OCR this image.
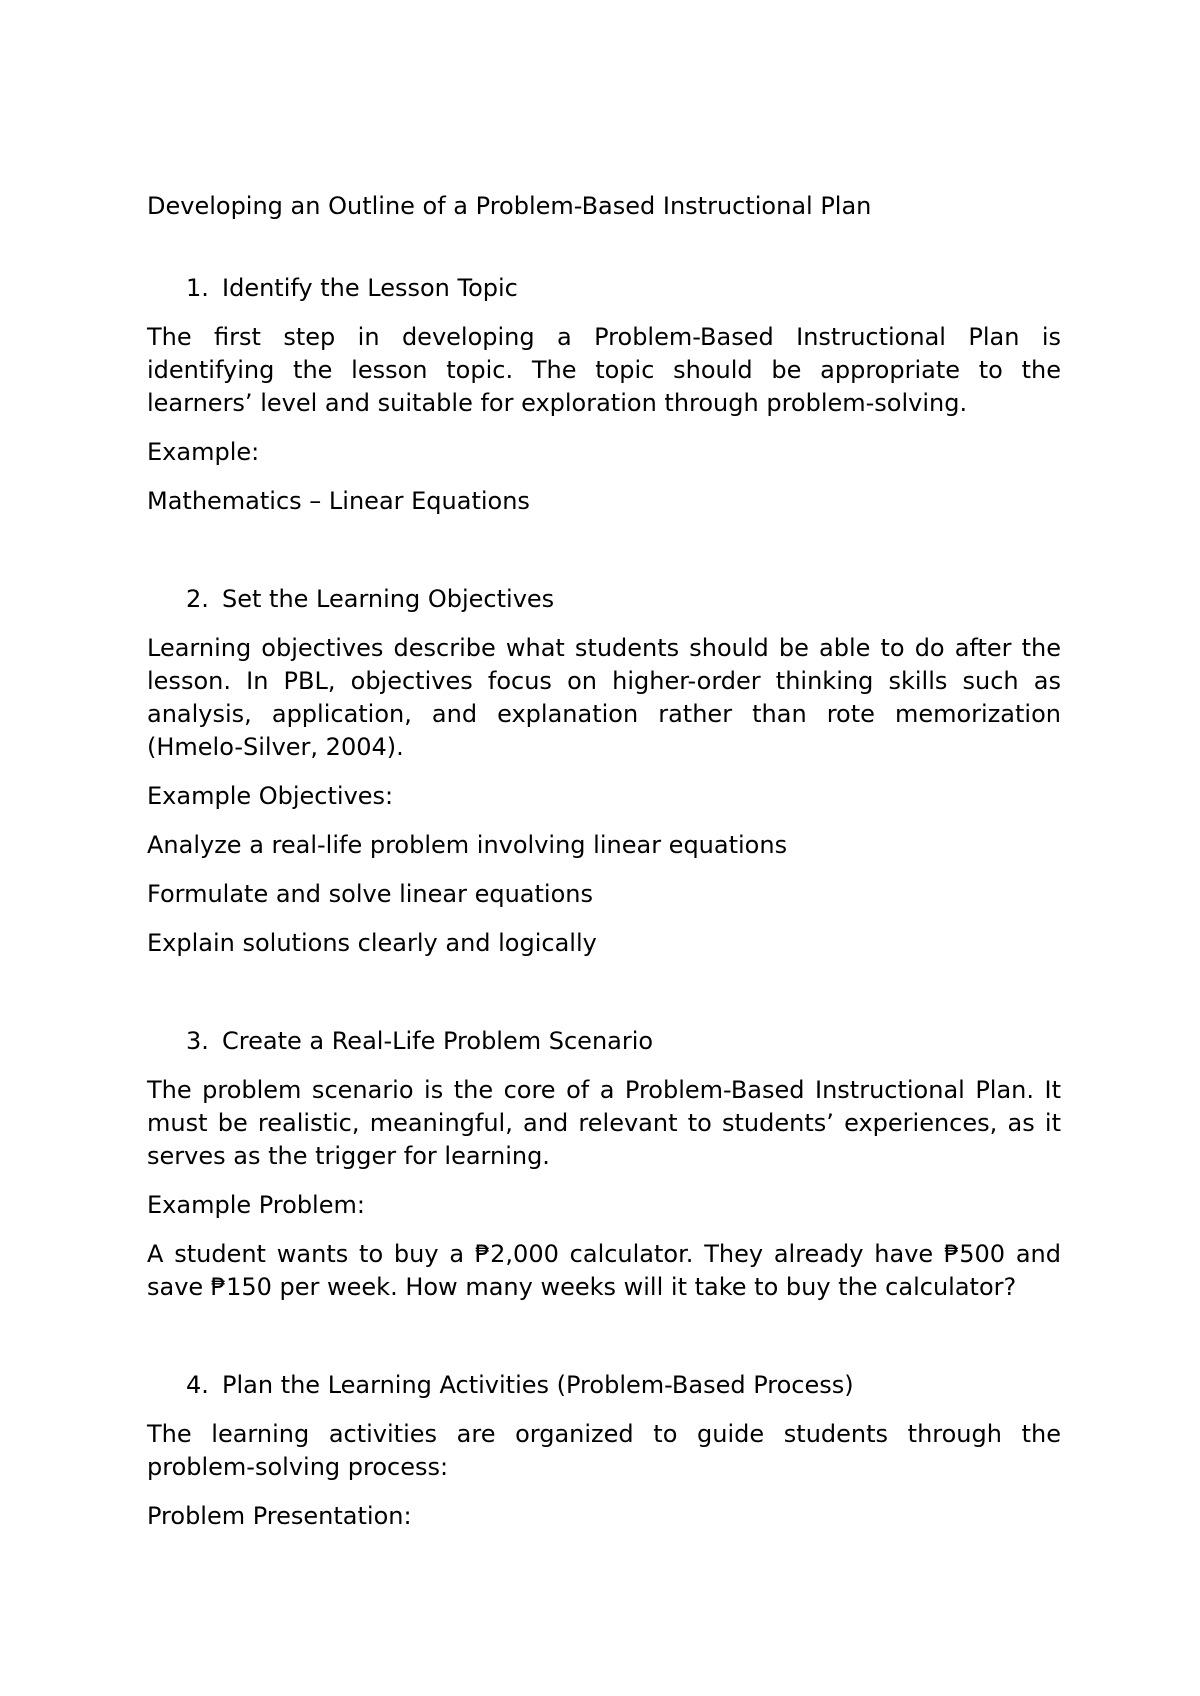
Developing an Outline of a Problem-Based Instructional Plan
1. Identify the Lesson Topic

The first step in developing a Problem-Based Instructional Plan is identifying the lesson topic. The topic should be appropriate to the learners’ level and suitable for exploration through problem-solving.

Example:

Mathematics – Linear Equations

2. Set the Learning Objectives

Learning objectives describe what students should be able to do after the lesson. In PBL, objectives focus on higher-order thinking skills such as analysis, application, and explanation rather than rote memorization (Hmelo-Silver, 2004).

Example Objectives:

Analyze a real-life problem involving linear equations

Formulate and solve linear equations

Explain solutions clearly and logically

3. Create a Real-Life Problem Scenario

The problem scenario is the core of a Problem-Based Instructional Plan. It must be realistic, meaningful, and relevant to students’ experiences, as it serves as the trigger for learning.

Example Problem:

A student wants to buy a ₱2,000 calculator. They already have ₱500 and save ₱150 per week. How many weeks will it take to buy the calculator?

4. Plan the Learning Activities (Problem-Based Process)

The learning activities are organized to guide students through the problem-solving process:

Problem Presentation:
